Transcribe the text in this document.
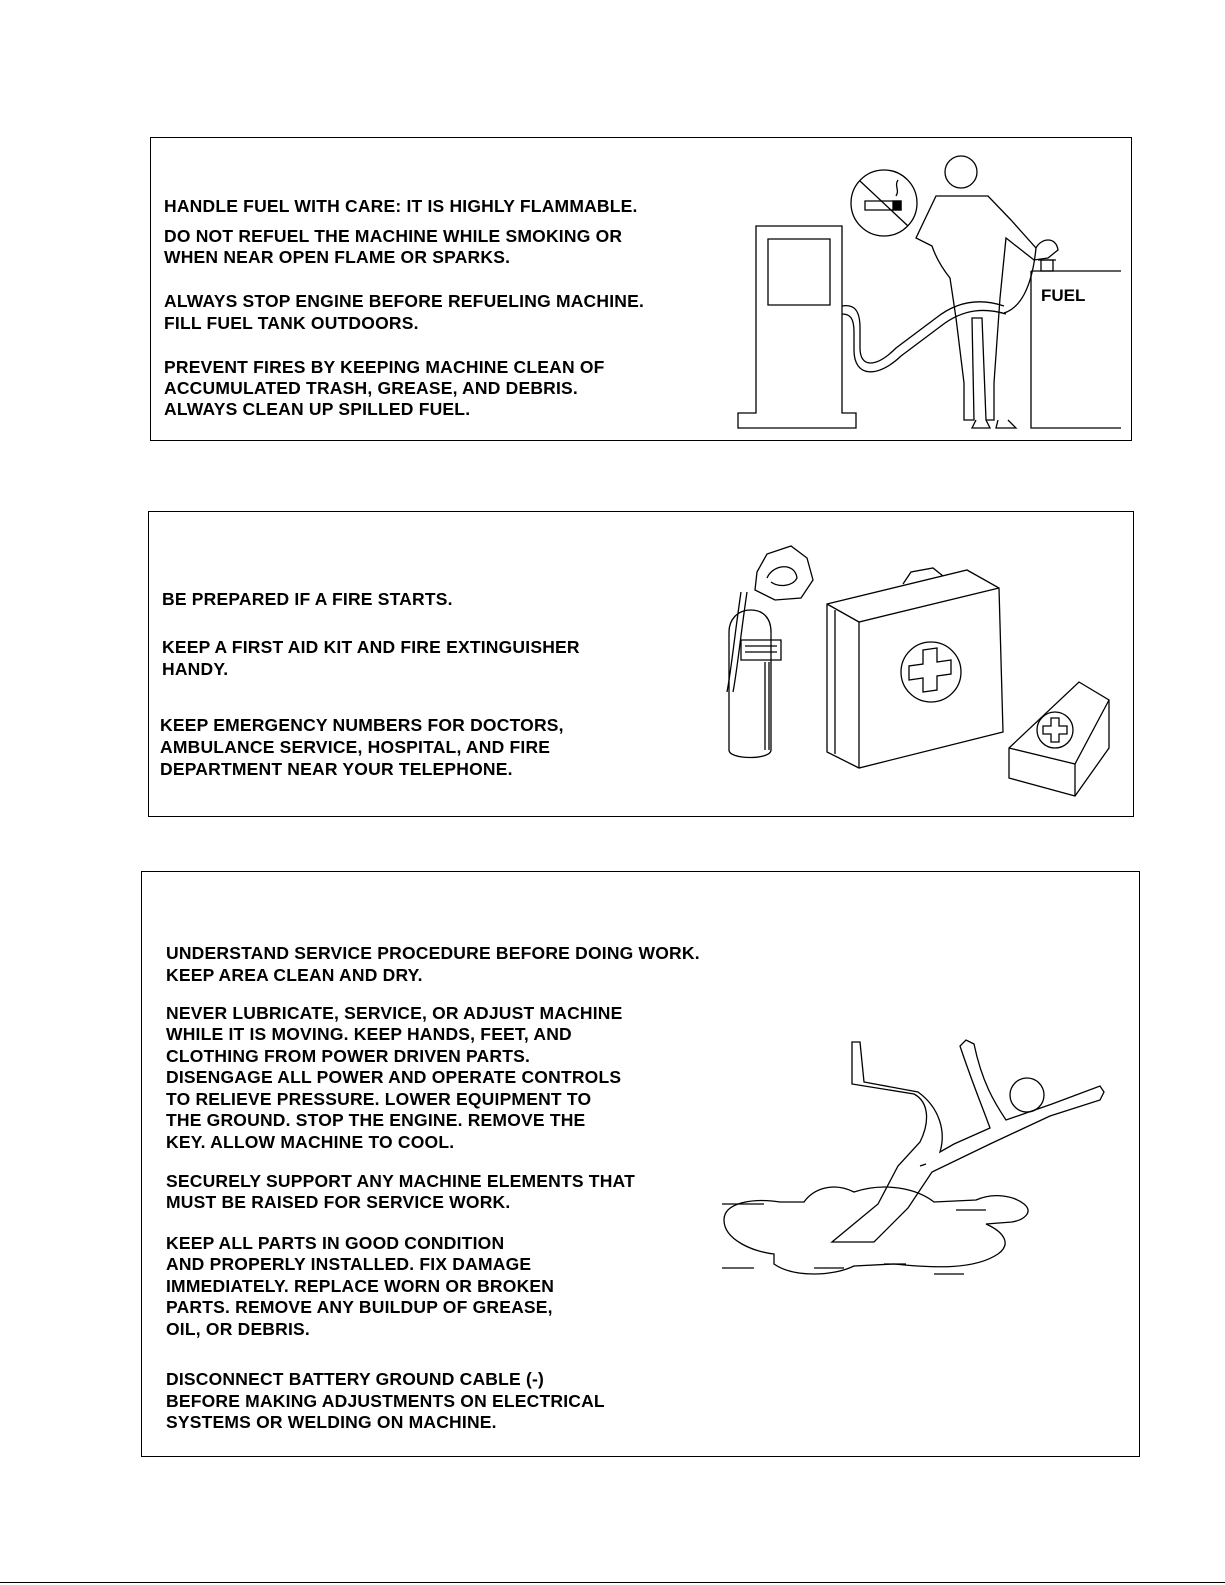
HANDLE FUEL WITH CARE: IT IS HIGHLY FLAMMABLE.
DO NOT REFUEL THE MACHINE WHILE SMOKING OR
WHEN NEAR OPEN FLAME OR SPARKS.
ALWAYS STOP ENGINE BEFORE REFUELING MACHINE.
FILL FUEL TANK OUTDOORS.
PREVENT FIRES BY KEEPING MACHINE CLEAN OF
ACCUMULATED TRASH, GREASE, AND DEBRIS.
ALWAYS CLEAN UP SPILLED FUEL.
FUEL
BE PREPARED IF A FIRE STARTS.
KEEP A FIRST AID KIT AND FIRE EXTINGUISHER
HANDY.
KEEP EMERGENCY NUMBERS FOR DOCTORS,
AMBULANCE SERVICE, HOSPITAL, AND FIRE
DEPARTMENT NEAR YOUR TELEPHONE.
UNDERSTAND SERVICE PROCEDURE BEFORE DOING WORK.
KEEP AREA CLEAN AND DRY.
NEVER LUBRICATE, SERVICE, OR ADJUST MACHINE
WHILE IT IS MOVING. KEEP HANDS, FEET, AND
CLOTHING FROM POWER DRIVEN PARTS.
DISENGAGE ALL POWER AND OPERATE CONTROLS
TO RELIEVE PRESSURE. LOWER EQUIPMENT TO
THE GROUND. STOP THE ENGINE. REMOVE THE
KEY. ALLOW MACHINE TO COOL.
SECURELY SUPPORT ANY MACHINE ELEMENTS THAT
MUST BE RAISED FOR SERVICE WORK.
KEEP ALL PARTS IN GOOD CONDITION
AND PROPERLY INSTALLED. FIX DAMAGE
IMMEDIATELY. REPLACE WORN OR BROKEN
PARTS. REMOVE ANY BUILDUP OF GREASE,
OIL, OR DEBRIS.
DISCONNECT BATTERY GROUND CABLE (-)
BEFORE MAKING ADJUSTMENTS ON ELECTRICAL
SYSTEMS OR WELDING ON MACHINE.
